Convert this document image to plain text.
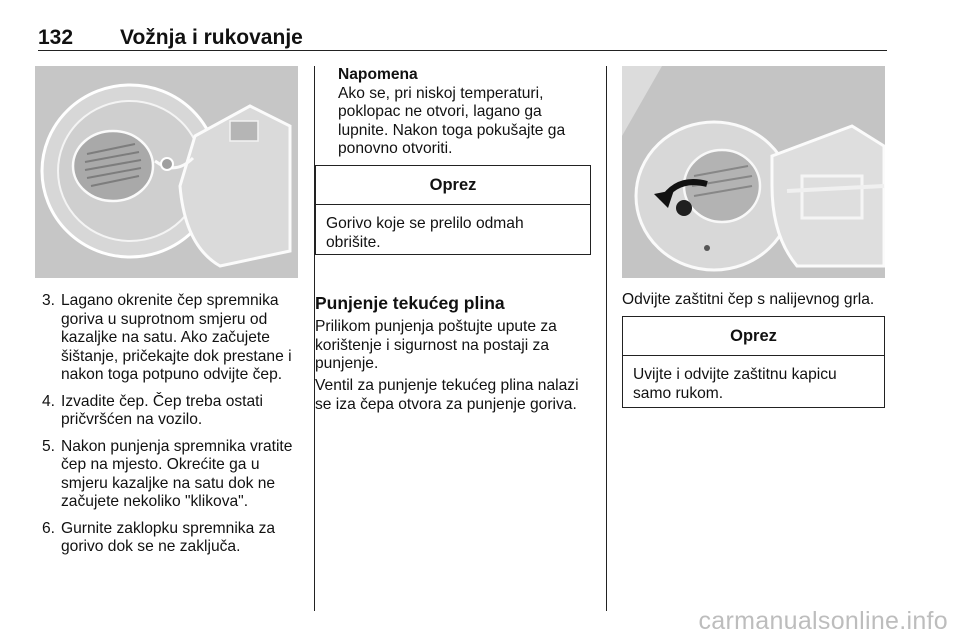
132 Vožnja i rukovanje
3. Lagano okrenite čep spremnika goriva u suprotnom smjeru od kazaljke na satu. Ako začujete šištanje, pričekajte dok prestane i nakon toga potpuno odvijte čep.
4. Izvadite čep. Čep treba ostati pričvršćen na vozilo.
5. Nakon punjenja spremnika vratite čep na mjesto. Okrećite ga u smjeru kazaljke na satu dok ne začujete nekoliko "klikova".
6. Gurnite zaklopku spremnika za gorivo dok se ne zaključa.
Napomena
Ako se, pri niskoj temperaturi, poklopac ne otvori, lagano ga lupnite. Nakon toga pokušajte ga ponovno otvoriti.
Oprez
Gorivo koje se prelilo odmah obrišite.
Punjenje tekućeg plina
Prilikom punjenja poštujte upute za korištenje i sigurnost na postaji za punjenje.
Ventil za punjenje tekućeg plina nalazi se iza čepa otvora za punjenje goriva.
Odvijte zaštitni čep s nalijevnog grla.
Oprez
Uvijte i odvijte zaštitnu kapicu samo rukom.
carmanualsonline.info
